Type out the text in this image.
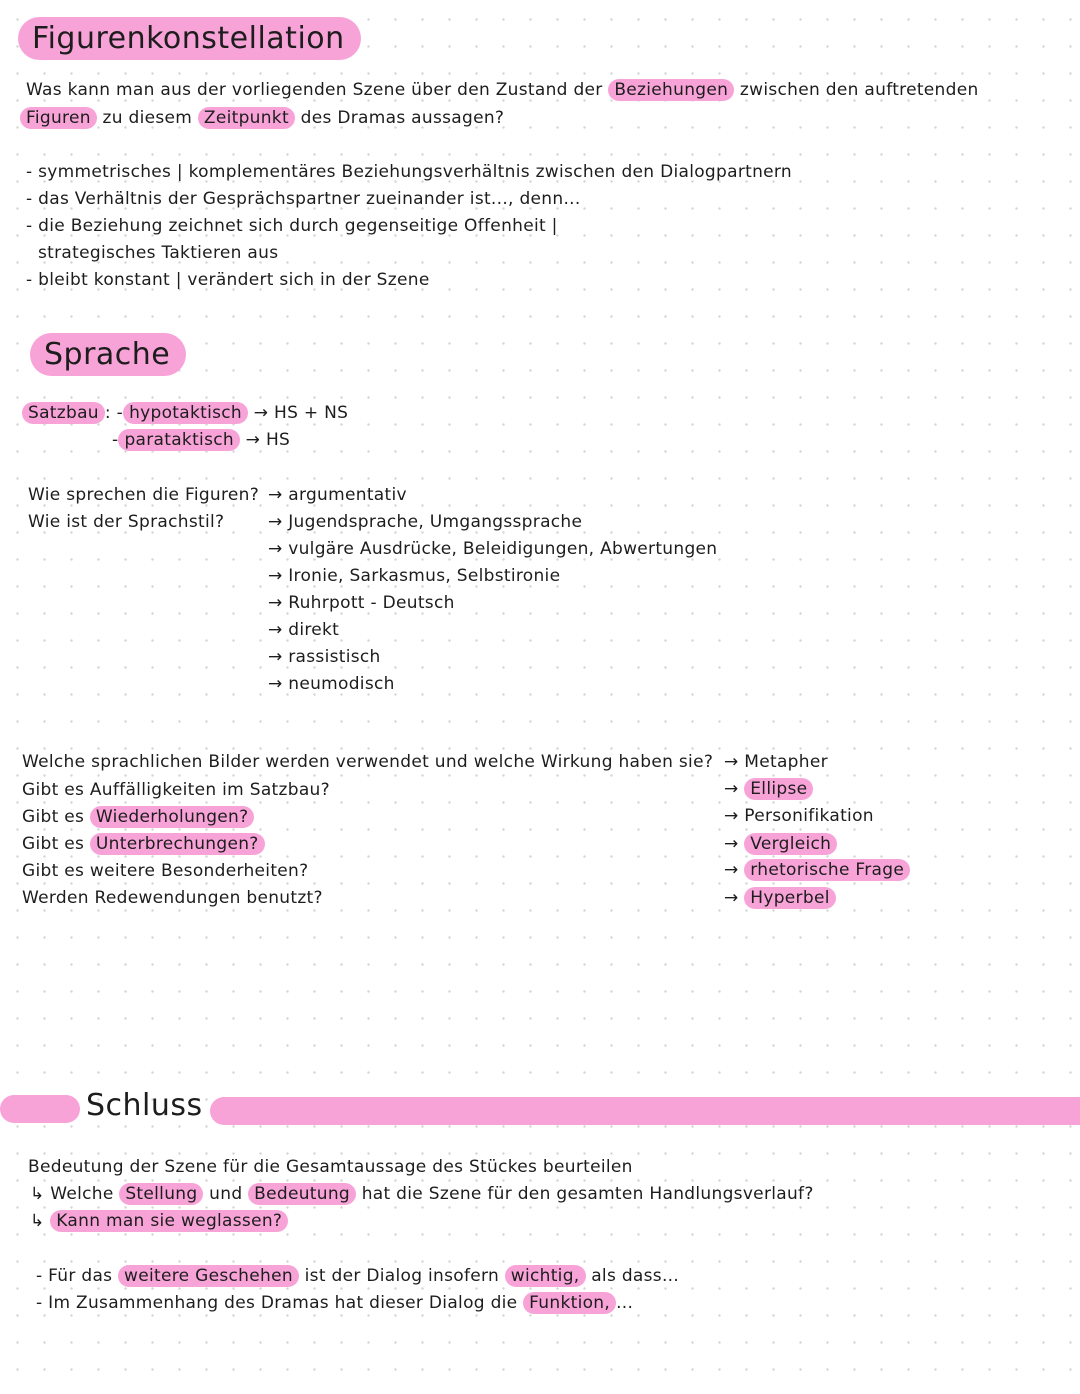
Figurenkonstellation
Was kann man aus der vorliegenden Szene über den Zustand der Beziehungen zwischen den auftretenden
Figuren zu diesem Zeitpunkt des Dramas aussagen?
- symmetrisches | komplementäres Beziehungsverhältnis zwischen den Dialogpartnern
- das Verhältnis der Gesprächspartner zueinander ist..., denn...
- die Beziehung zeichnet sich durch gegenseitige Offenheit |
strategisches Taktieren aus
- bleibt konstant | verändert sich in der Szene
Sprache
Satzbau : - hypotaktisch → HS + NS
- parataktisch → HS
Wie sprechen die Figuren?
Wie ist der Sprachstil?
→ argumentativ
→ Jugendsprache, Umgangssprache
→ vulgäre Ausdrücke, Beleidigungen, Abwertungen
→ Ironie, Sarkasmus, Selbstironie
→ Ruhrpott - Deutsch
→ direkt
→ rassistisch
→ neumodisch
Welche sprachlichen Bilder werden verwendet und welche Wirkung haben sie?
Gibt es Auffälligkeiten im Satzbau?
Gibt es Wiederholungen?
Gibt es Unterbrechungen?
Gibt es weitere Besonderheiten?
Werden Redewendungen benutzt?
→ Metapher
→ Ellipse
→ Personifikation
→ Vergleich
→ rhetorische Frage
→ Hyperbel
Schluss
Bedeutung der Szene für die Gesamtaussage des Stückes beurteilen
↳ Welche Stellung und Bedeutung hat die Szene für den gesamten Handlungsverlauf?
↳ Kann man sie weglassen?
- Für das weitere Geschehen ist der Dialog insofern wichtig, als dass...
- Im Zusammenhang des Dramas hat dieser Dialog die Funktion, ...
